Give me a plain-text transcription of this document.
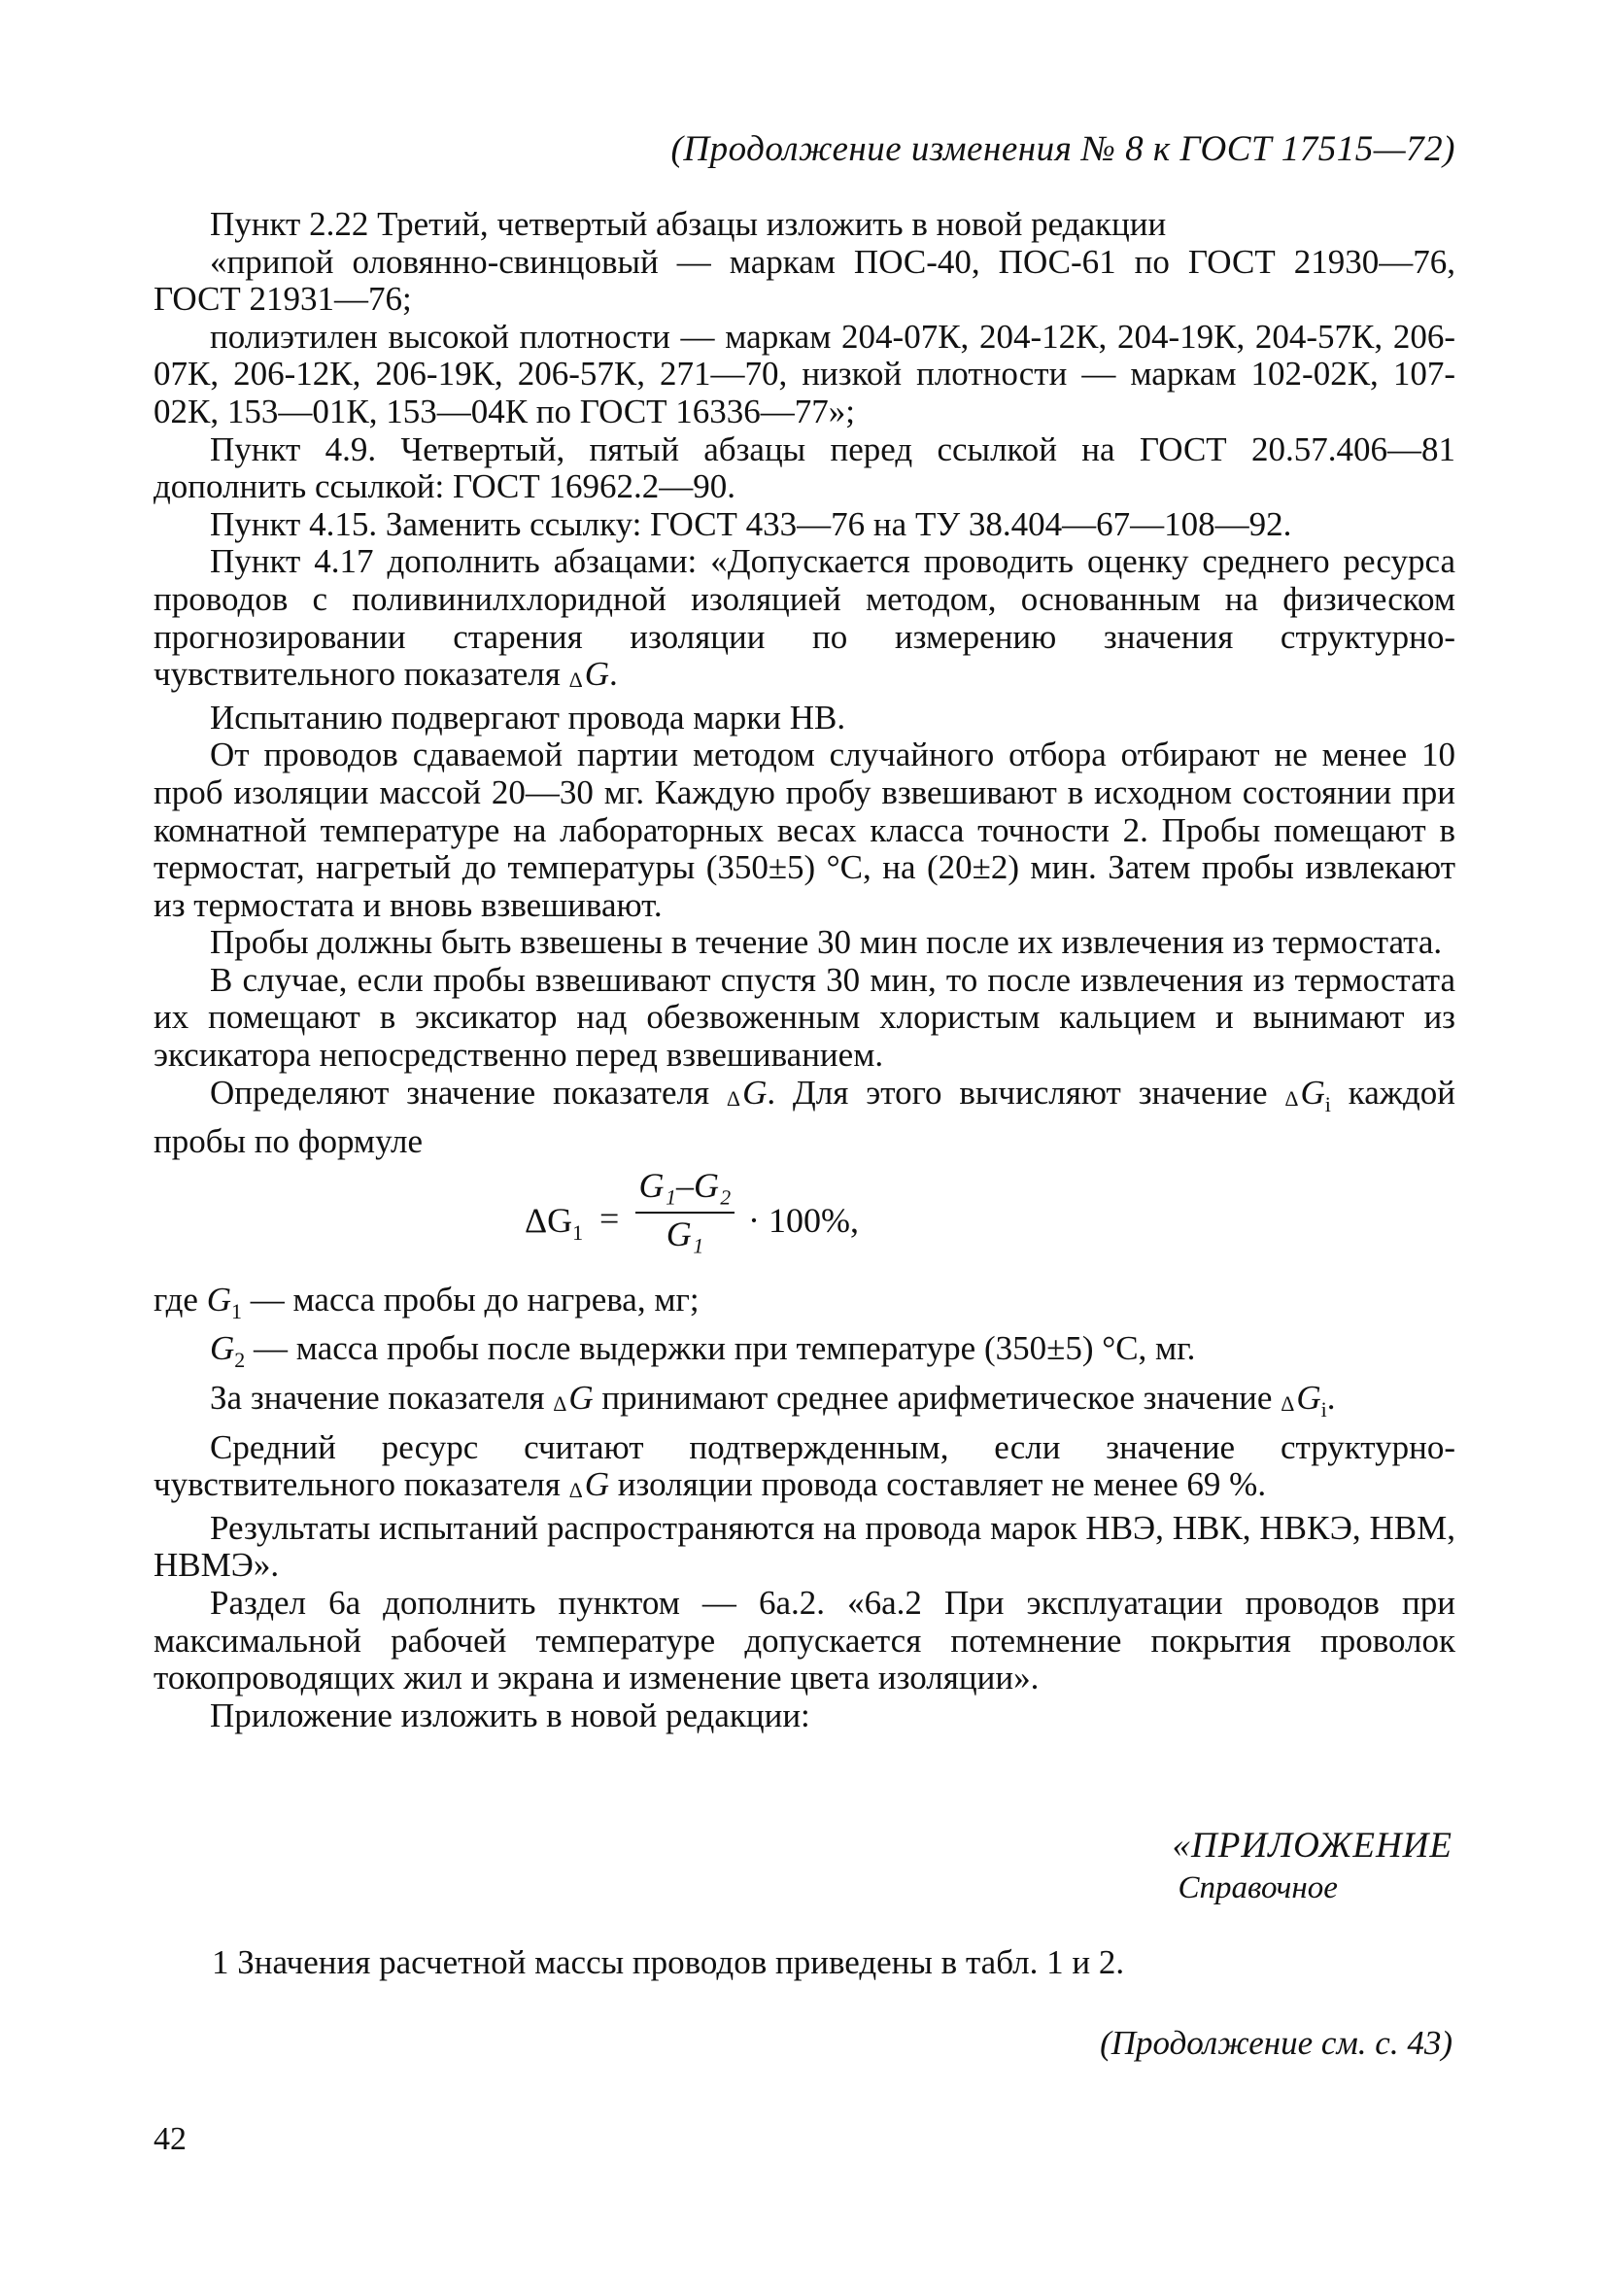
(Продолжение изменения № 8 к ГОСТ 17515—72)

Пункт 2.22 Третий, четвертый абзацы изложить в новой редакции

«припой оловянно-свинцовый — маркам ПОС-40, ПОС-61 по ГОСТ 21930—76, ГОСТ 21931—76;

полиэтилен высокой плотности — маркам 204-07К, 204-12К, 204-19К, 204-57К, 206-07К, 206-12К, 206-19К, 206-57К, 271—70, низкой плотности — маркам 102-02К, 107-02К, 153—01К, 153—04К по ГОСТ 16336—77»;

Пункт 4.9. Четвертый, пятый абзацы перед ссылкой на ГОСТ 20.57.406—81 дополнить ссылкой: ГОСТ 16962.2—90.

Пункт 4.15. Заменить ссылку: ГОСТ 433—76 на ТУ 38.404—67—108—92.

Пункт 4.17 дополнить абзацами: «Допускается проводить оценку среднего ресурса проводов с поливинилхлоридной изоляцией методом, основанным на физическом прогнозировании старения изоляции по измерению значения структурно-чувствительного показателя ΔG.

Испытанию подвергают провода марки НВ.

От проводов сдаваемой партии методом случайного отбора отбирают не менее 10 проб изоляции массой 20—30 мг. Каждую пробу взвешивают в исходном состоянии при комнатной температуре на лабораторных весах класса точности 2. Пробы помещают в термостат, нагретый до температуры (350±5) °С, на (20±2) мин. Затем пробы извлекают из термостата и вновь взвешивают.

Пробы должны быть взвешены в течение 30 мин после их извлечения из термостата.

В случае, если пробы взвешивают спустя 30 мин, то после извлечения из термостата их помещают в эксикатор над обезвоженным хлористым кальцием и вынимают из эксикатора непосредственно перед взвешиванием.

Определяют значение показателя ΔG. Для этого вычисляют значение $\Delta G_i$ каждой пробы по формуле

$\Delta G_1$ =
G₁–G₂
G₁	· 100%,

где $G_1$ — масса пробы до нагрева, мг;

$G_2$ — масса пробы после выдержки при температуре (350±5) °С, мг.

За значение показателя ΔG принимают среднее арифметическое значение $\Delta G_i$.

Средний ресурс считают подтвержденным, если значение структурно-чувствительного показателя ΔG изоляции провода составляет не менее 69 %.

Результаты испытаний распространяются на провода марок НВЭ, НВК, НВКЭ, НВМ, НВМЭ».

Раздел 6а дополнить пунктом — 6а.2. «6а.2 При эксплуатации проводов при максимальной рабочей температуре допускается потемнение покрытия проволок токопроводящих жил и экрана и изменение цвета изоляции».

Приложение изложить в новой редакции:

«ПРИЛОЖЕНИЕ
Справочное
1 Значения расчетной массы проводов приведены в табл. 1 и 2.
(Продолжение см. с. 43)
42
